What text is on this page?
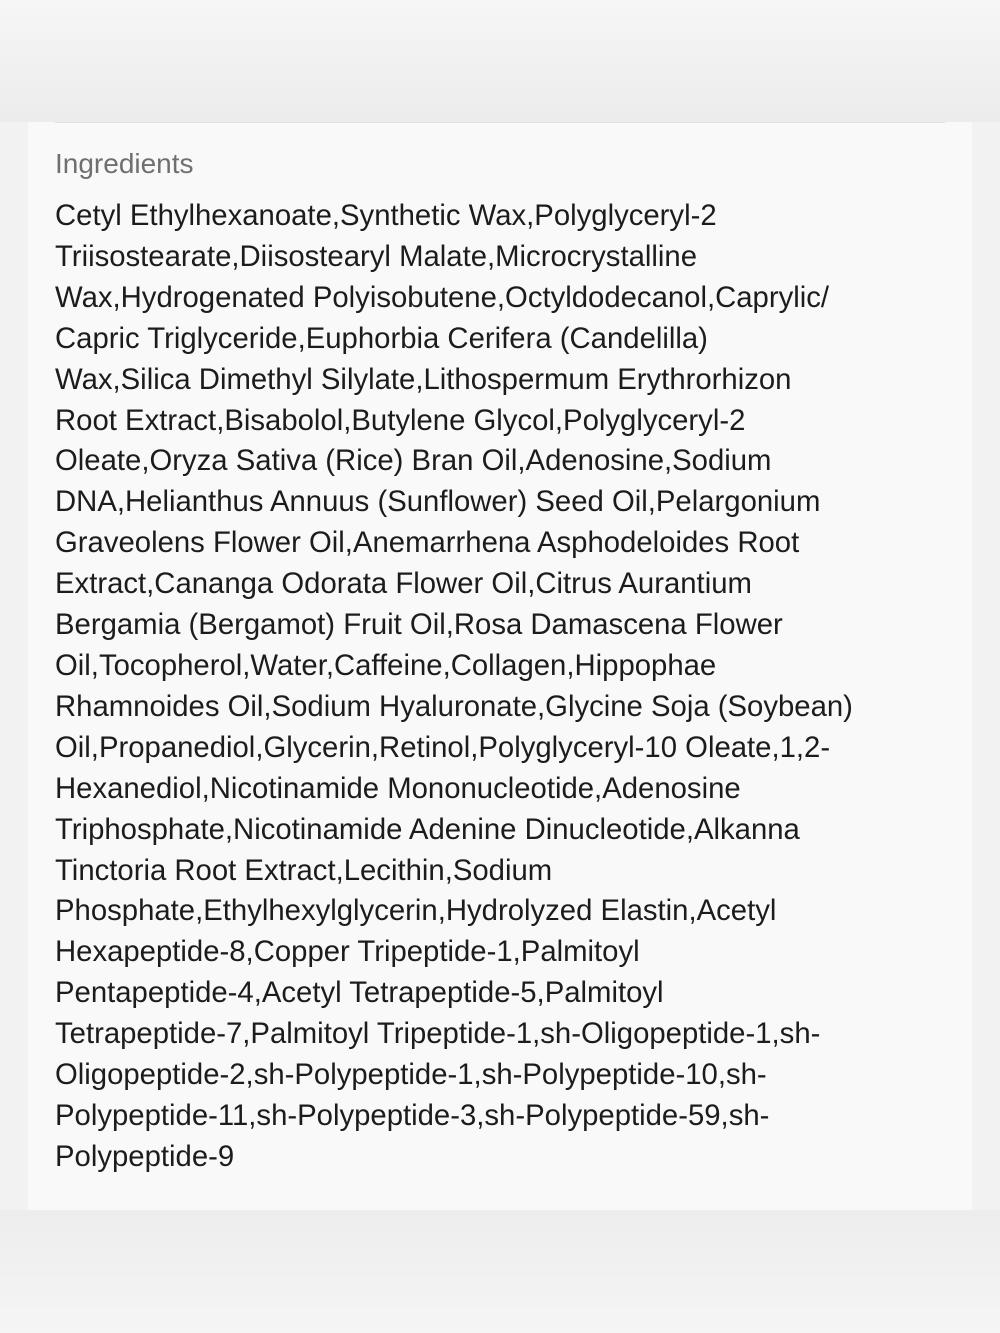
Ingredients

Cetyl Ethylhexanoate,Synthetic Wax,Polyglyceryl-2
Triisostearate,Diisostearyl Malate,Microcrystalline
Wax,Hydrogenated Polyisobutene,Octyldodecanol,Caprylic/
Capric Triglyceride,Euphorbia Cerifera (Candelilla)
Wax,Silica Dimethyl Silylate,Lithospermum Erythrorhizon
Root Extract,Bisabolol,Butylene Glycol,Polyglyceryl-2
Oleate,Oryza Sativa (Rice) Bran Oil,Adenosine,Sodium
DNA,Helianthus Annuus (Sunflower) Seed Oil,Pelargonium
Graveolens Flower Oil,Anemarrhena Asphodeloides Root
Extract,Cananga Odorata Flower Oil,Citrus Aurantium
Bergamia (Bergamot) Fruit Oil,Rosa Damascena Flower
Oil,Tocopherol,Water,Caffeine,Collagen,Hippophae
Rhamnoides Oil,Sodium Hyaluronate,Glycine Soja (Soybean)
Oil,Propanediol,Glycerin,Retinol,Polyglyceryl-10 Oleate,1,2-
Hexanediol,Nicotinamide Mononucleotide,Adenosine
Triphosphate,Nicotinamide Adenine Dinucleotide,Alkanna
Tinctoria Root Extract,Lecithin,Sodium
Phosphate,Ethylhexylglycerin,Hydrolyzed Elastin,Acetyl
Hexapeptide-8,Copper Tripeptide-1,Palmitoyl
Pentapeptide-4,Acetyl Tetrapeptide-5,Palmitoyl
Tetrapeptide-7,Palmitoyl Tripeptide-1,sh-Oligopeptide-1,sh-
Oligopeptide-2,sh-Polypeptide-1,sh-Polypeptide-10,sh-
Polypeptide-11,sh-Polypeptide-3,sh-Polypeptide-59,sh-
Polypeptide-9
